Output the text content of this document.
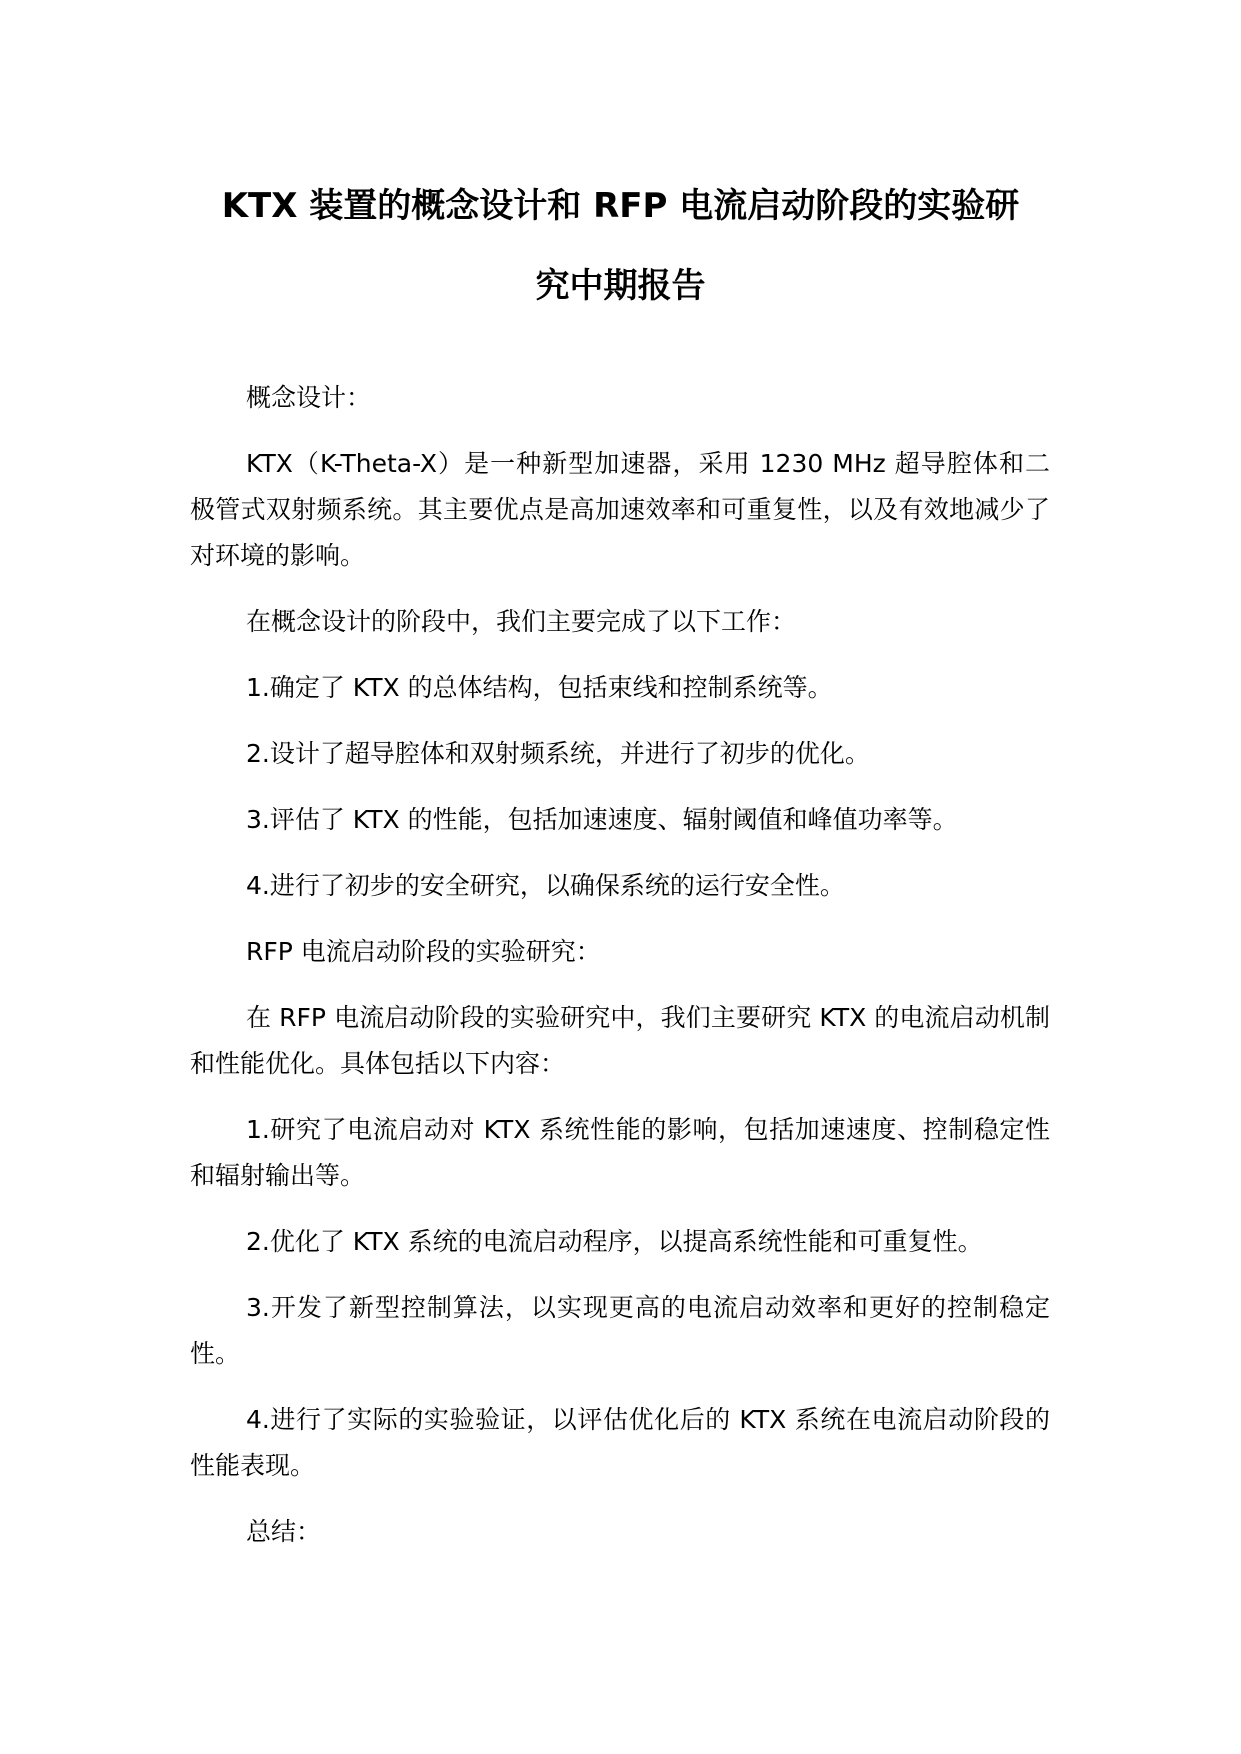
KTX 装置的概念设计和 RFP 电流启动阶段的实验研
究中期报告

概念设计：

KTX（K-Theta-X）是一种新型加速器，采用 1230 MHz 超导腔体和二极管式双射频系统。其主要优点是高加速效率和可重复性，以及有效地减少了对环境的影响。

在概念设计的阶段中，我们主要完成了以下工作：

1.确定了 KTX 的总体结构，包括束线和控制系统等。

2.设计了超导腔体和双射频系统，并进行了初步的优化。

3.评估了 KTX 的性能，包括加速速度、辐射阈值和峰值功率等。

4.进行了初步的安全研究，以确保系统的运行安全性。

RFP 电流启动阶段的实验研究：

在 RFP 电流启动阶段的实验研究中，我们主要研究 KTX 的电流启动机制和性能优化。具体包括以下内容：

1.研究了电流启动对 KTX 系统性能的影响，包括加速速度、控制稳定性和辐射输出等。

2.优化了 KTX 系统的电流启动程序，以提高系统性能和可重复性。

3.开发了新型控制算法，以实现更高的电流启动效率和更好的控制稳定性。

4.进行了实际的实验验证，以评估优化后的 KTX 系统在电流启动阶段的性能表现。

总结：
